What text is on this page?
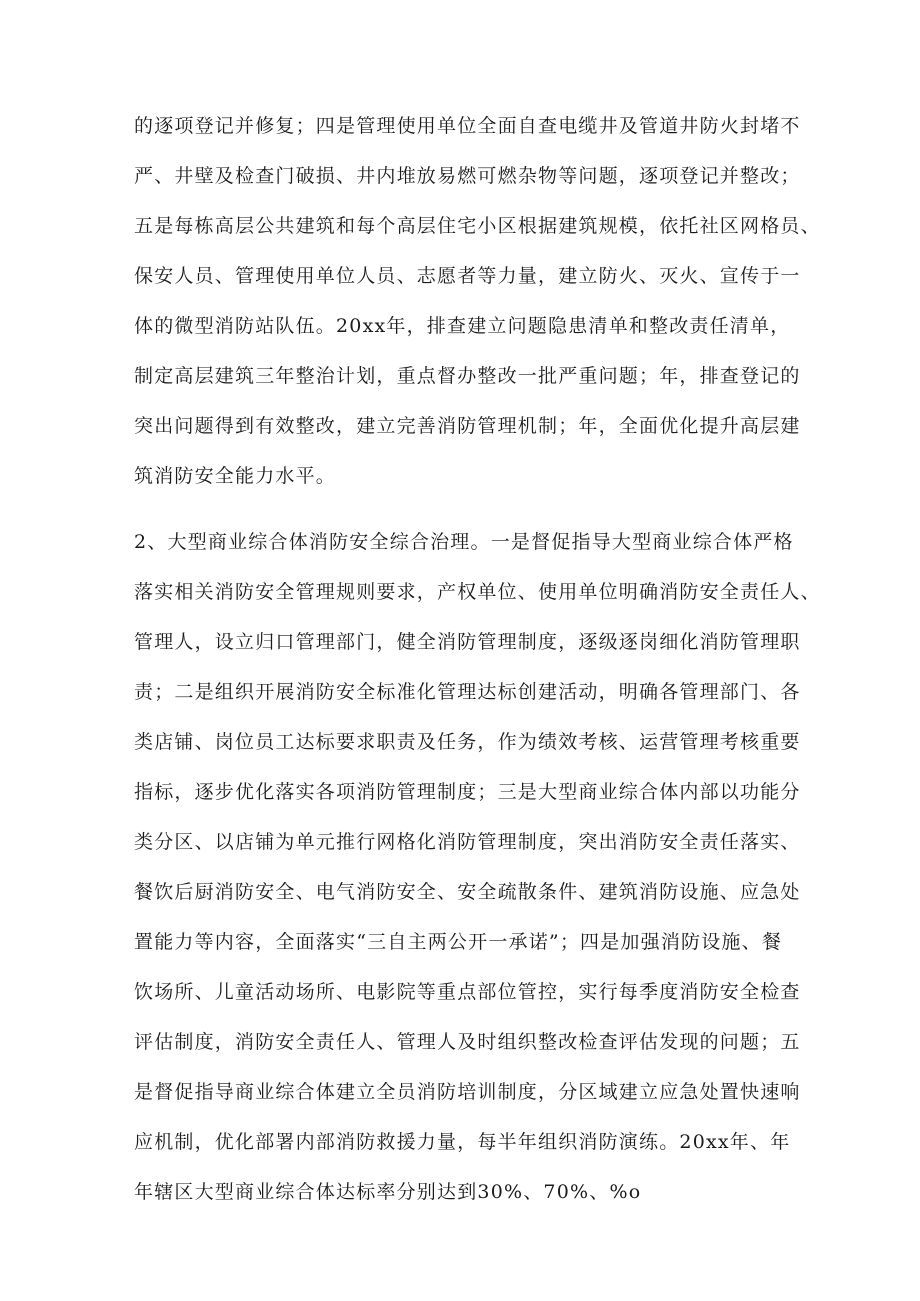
的逐项登记并修复；四是管理使用单位全面自查电缆井及管道井防火封堵不
严、井壁及检查门破损、井内堆放易燃可燃杂物等问题，逐项登记并整改；
五是每栋高层公共建筑和每个高层住宅小区根据建筑规模，依托社区网格员、
保安人员、管理使用单位人员、志愿者等力量，建立防火、灭火、宣传于一
体的微型消防站队伍。20xx年，排查建立问题隐患清单和整改责任清单，
制定高层建筑三年整治计划，重点督办整改一批严重问题；年，排查登记的
突出问题得到有效整改，建立完善消防管理机制；年，全面优化提升高层建
筑消防安全能力水平。
2、大型商业综合体消防安全综合治理。一是督促指导大型商业综合体严格
落实相关消防安全管理规则要求，产权单位、使用单位明确消防安全责任人、
管理人，设立归口管理部门，健全消防管理制度，逐级逐岗细化消防管理职
责；二是组织开展消防安全标准化管理达标创建活动，明确各管理部门、各
类店铺、岗位员工达标要求职责及任务，作为绩效考核、运营管理考核重要
指标，逐步优化落实各项消防管理制度；三是大型商业综合体内部以功能分
类分区、以店铺为单元推行网格化消防管理制度，突出消防安全责任落实、
餐饮后厨消防安全、电气消防安全、安全疏散条件、建筑消防设施、应急处
置能力等内容，全面落实“三自主两公开一承诺”；四是加强消防设施、餐
饮场所、儿童活动场所、电影院等重点部位管控，实行每季度消防安全检查
评估制度，消防安全责任人、管理人及时组织整改检查评估发现的问题；五
是督促指导商业综合体建立全员消防培训制度，分区域建立应急处置快速响
应机制，优化部署内部消防救援力量，每半年组织消防演练。20xx年、年
年辖区大型商业综合体达标率分别达到30%、70%、%o
